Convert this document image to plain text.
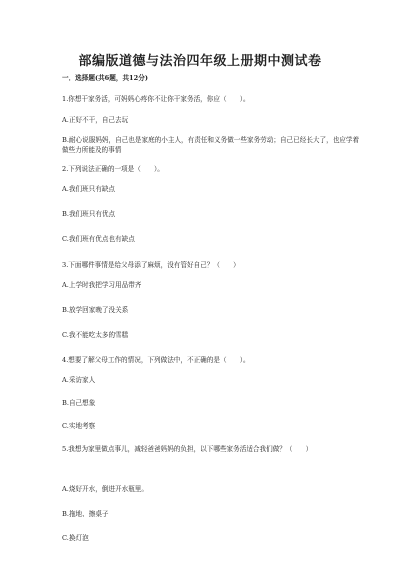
部编版道德与法治四年级上册期中测试卷
一．选择题(共6题，共12分)
1.你想干家务活，可妈妈心疼你不让你干家务活，你应（　　）。
A.正好不干，自己去玩
B.耐心说服妈妈，自己也是家庭的小主人，有责任和义务做一些家务劳动；自己已经长大了，也应学着做些力所能及的事情
2.下列说法正确的一项是（　　）。
A.我们班只有缺点
B.我们班只有优点
C.我们班有优点也有缺点
3.下面哪件事情是给父母添了麻烦，没有管好自己？（　　）
A.上学时我把学习用品带齐
B.放学回家晚了没关系
C.我不能吃太多的雪糕
4.想要了解父母工作的情况，下列做法中，不正确的是（　　）。
A.采访家人
B.自己想象
C.实地考察
5.我想为家里做点事儿，减轻爸爸妈妈的负担，以下哪些家务活适合我们做？（　　）
A.烧好开水，倒进开水瓶里。
B.拖地、擦桌子
C.换灯泡
